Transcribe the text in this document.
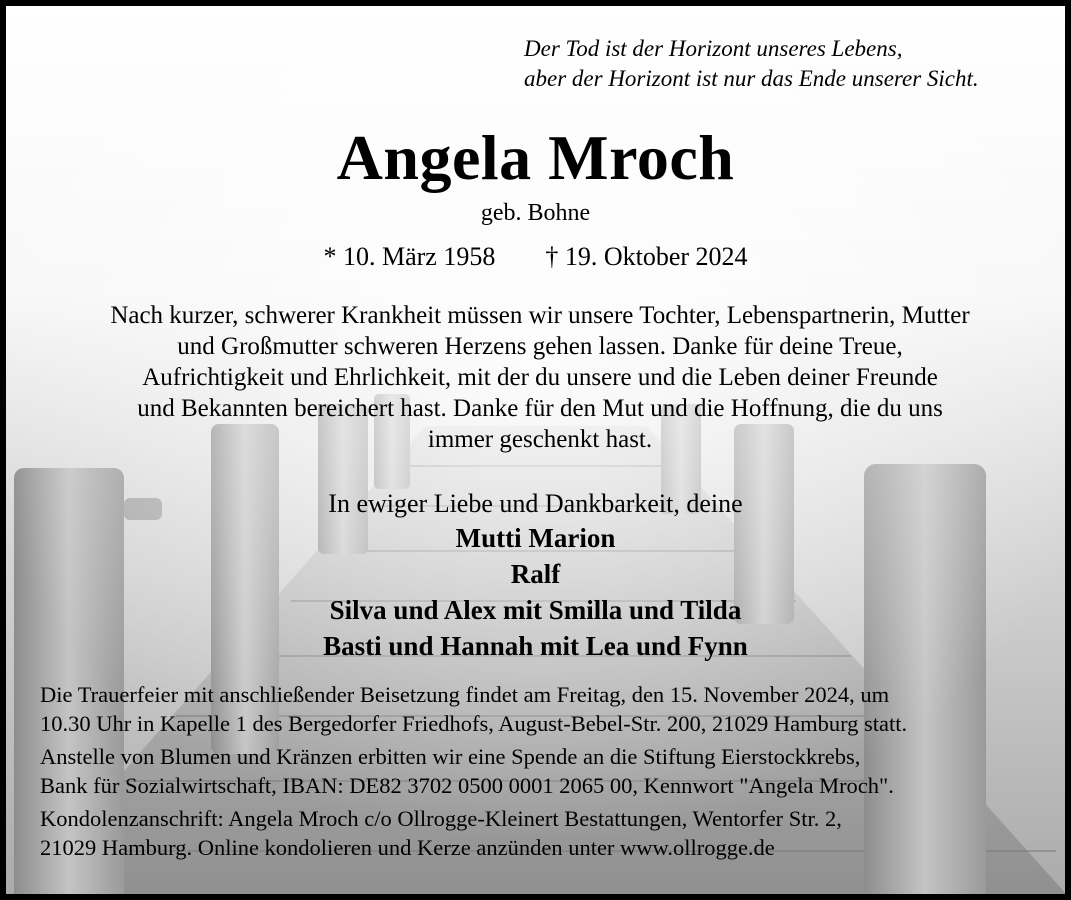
Der Tod ist der Horizont unseres Lebens,
aber der Horizont ist nur das Ende unserer Sicht.
Angela Mroch
geb. Bohne
* 10. März 1958 † 19. Oktober 2024
Nach kurzer, schwerer Krankheit müssen wir unsere Tochter, Lebenspartnerin, Mutter
und Großmutter schweren Herzens gehen lassen. Danke für deine Treue,
Aufrichtigkeit und Ehrlichkeit, mit der du unsere und die Leben deiner Freunde
und Bekannten bereichert hast. Danke für den Mut und die Hoffnung, die du uns
immer geschenkt hast.
In ewiger Liebe und Dankbarkeit, deine
Mutti Marion
Ralf
Silva und Alex mit Smilla und Tilda
Basti und Hannah mit Lea und Fynn

Die Trauerfeier mit anschließender Beisetzung findet am Freitag, den 15. November 2024, um
10.30 Uhr in Kapelle 1 des Bergedorfer Friedhofs, August-Bebel-Str. 200, 21029 Hamburg statt.

Anstelle von Blumen und Kränzen erbitten wir eine Spende an die Stiftung Eierstockkrebs,
Bank für Sozialwirtschaft, IBAN: DE82 3702 0500 0001 2065 00, Kennwort "Angela Mroch".

Kondolenzanschrift: Angela Mroch c/o Ollrogge-Kleinert Bestattungen, Wentorfer Str. 2,
21029 Hamburg. Online kondolieren und Kerze anzünden unter www.ollrogge.de
